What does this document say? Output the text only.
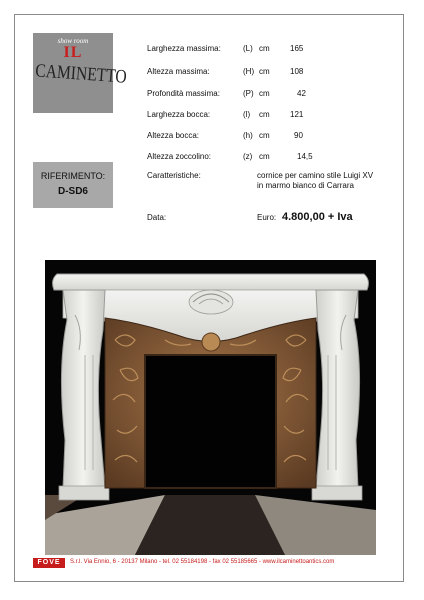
show room
IL
CAMINETTO
RIFERIMENTO:
D-SD6
Larghezza massima:	(L) cm	165
Altezza massima:	(H) cm	108
Profondità massima:	(P) cm	42
Larghezza bocca:	(l) cm	121
Altezza bocca:	(h) cm	90
Altezza zoccolino:	(z) cm	14,5
Caratteristiche:	cornice per camino stile Luigi XV in marmo bianco di Carrara
Data:	Euro: 4.800,00 + Iva
FOVE	S.r.l. Via Ennio, 6 - 20137 Milano - tel. 02 55184198 - fax 02 55185665 - www.ilcaminettoantics.com
